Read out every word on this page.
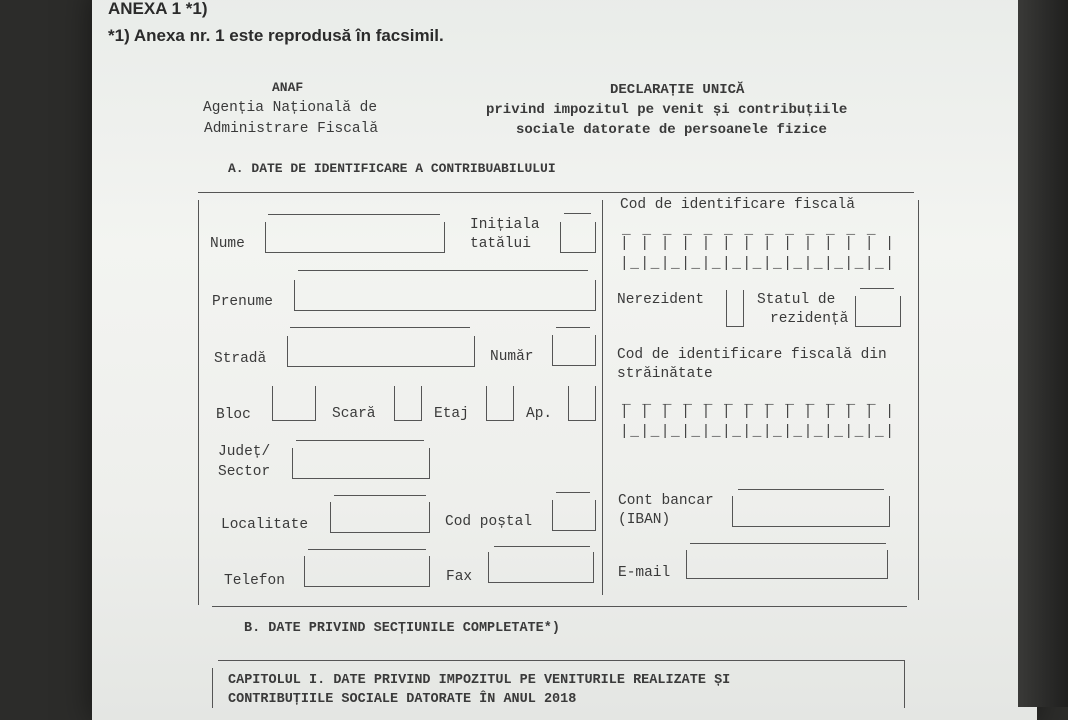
ANEXA 1 *1)
*1) Anexa nr. 1 este reprodusă în facsimil.
ANAF
Agenția Națională de
Administrare Fiscală
DECLARAȚIE UNICĂ
privind impozitul pe venit și contribuțiile
sociale datorate de persoanele fizice
A. DATE DE IDENTIFICARE A CONTRIBUABILULUI
Nume
Inițiala
tatălui
Cod de identificare fiscală
_ _ _ _ _ _ _ _ _ _ _ _ _
| | | | | | | | | | | | | |
|_|_|_|_|_|_|_|_|_|_|_|_|_|
Prenume	Nerezident	Statul de
rezidență
Stradă	Număr	Cod de identificare fiscală din
străinătate
_ _ _ _ _ _ _ _ _ _ _ _ _
| | | | | | | | | | | | | |
|_|_|_|_|_|_|_|_|_|_|_|_|_|
Bloc	Scară	Etaj	Ap.
Județ/
Sector
Localitate	Cod poștal
Cont bancar
(IBAN)
Telefon	Fax	E-mail
B. DATE PRIVIND SECȚIUNILE COMPLETATE*)
CAPITOLUL I. DATE PRIVIND IMPOZITUL PE VENITURILE REALIZATE ȘI
CONTRIBUȚIILE SOCIALE DATORATE ÎN ANUL 2018
